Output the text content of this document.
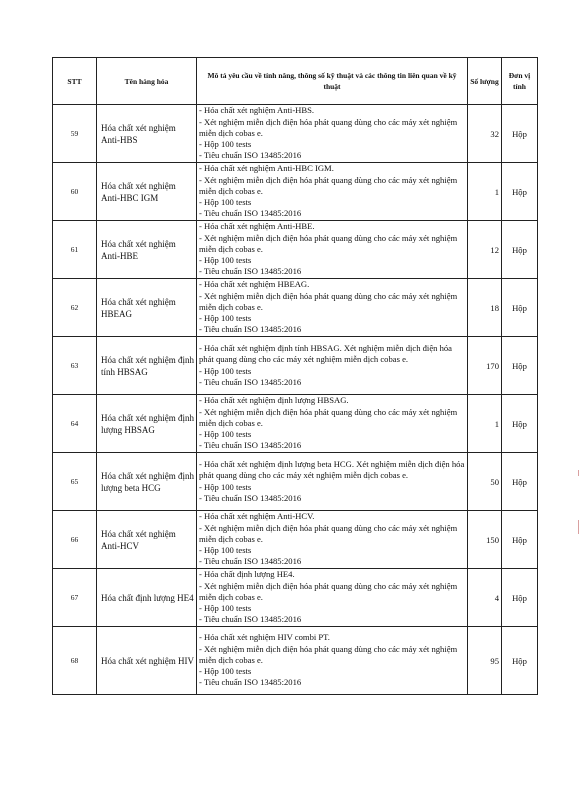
STT	Tên hàng hóa	Mô tả yêu cầu về tính năng, thông số kỹ thuật và các thông tin liên quan về kỹ thuật	Số lượng	Đơn vị tính
59	Hóa chất xét nghiệm Anti-HBS	- Hóa chất xét nghiệm Anti-HBS.
- Xét nghiệm miễn dịch điện hóa phát quang dùng cho các máy xét nghiệm miễn dịch cobas e.
- Hộp 100 tests
- Tiêu chuẩn ISO 13485:2016	32	Hộp
60	Hóa chất xét nghiệm Anti-HBC IGM	- Hóa chất xét nghiệm Anti-HBC IGM.
- Xét nghiệm miễn dịch điện hóa phát quang dùng cho các máy xét nghiệm miễn dịch cobas e.
- Hộp 100 tests
- Tiêu chuẩn ISO 13485:2016	1	Hộp
61	Hóa chất xét nghiệm Anti-HBE	- Hóa chất xét nghiệm Anti-HBE.
- Xét nghiệm miễn dịch điện hóa phát quang dùng cho các máy xét nghiệm miễn dịch cobas e.
- Hộp 100 tests
- Tiêu chuẩn ISO 13485:2016	12	Hộp
62	Hóa chất xét nghiệm HBEAG	- Hóa chất xét nghiệm HBEAG.
- Xét nghiệm miễn dịch điện hóa phát quang dùng cho các máy xét nghiệm miễn dịch cobas e.
- Hộp 100 tests
- Tiêu chuẩn ISO 13485:2016	18	Hộp
63	Hóa chất xét nghiệm định tính HBSAG	- Hóa chất xét nghiệm định tính HBSAG. Xét nghiệm miễn dịch điện hóa phát quang dùng cho các máy xét nghiệm miễn dịch cobas e.
- Hộp 100 tests
- Tiêu chuẩn ISO 13485:2016	170	Hộp
64	Hóa chất xét nghiệm định lượng HBSAG	- Hóa chất xét nghiệm định lượng HBSAG.
- Xét nghiệm miễn dịch điện hóa phát quang dùng cho các máy xét nghiệm miễn dịch cobas e.
- Hộp 100 tests
- Tiêu chuẩn ISO 13485:2016	1	Hộp
65	Hóa chất xét nghiệm định lượng beta HCG	- Hóa chất xét nghiệm định lượng beta HCG. Xét nghiệm miễn dịch điện hóa phát quang dùng cho các máy xét nghiệm miễn dịch cobas e.
- Hộp 100 tests
- Tiêu chuẩn ISO 13485:2016	50	Hộp
66	Hóa chất xét nghiệm Anti-HCV	- Hóa chất xét nghiệm Anti-HCV.
- Xét nghiệm miễn dịch điện hóa phát quang dùng cho các máy xét nghiệm miễn dịch cobas e.
- Hộp 100 tests
- Tiêu chuẩn ISO 13485:2016	150	Hộp
67	Hóa chất định lượng HE4	- Hóa chất định lượng HE4.
- Xét nghiệm miễn dịch điện hóa phát quang dùng cho các máy xét nghiệm miễn dịch cobas e.
- Hộp 100 tests
- Tiêu chuẩn ISO 13485:2016	4	Hộp
68	Hóa chất xét nghiệm HIV	- Hóa chất xét nghiệm HIV combi PT.
- Xét nghiệm miễn dịch điện hóa phát quang dùng cho các máy xét nghiệm miễn dịch cobas e.
- Hộp 100 tests
- Tiêu chuẩn ISO 13485:2016	95	Hộp
